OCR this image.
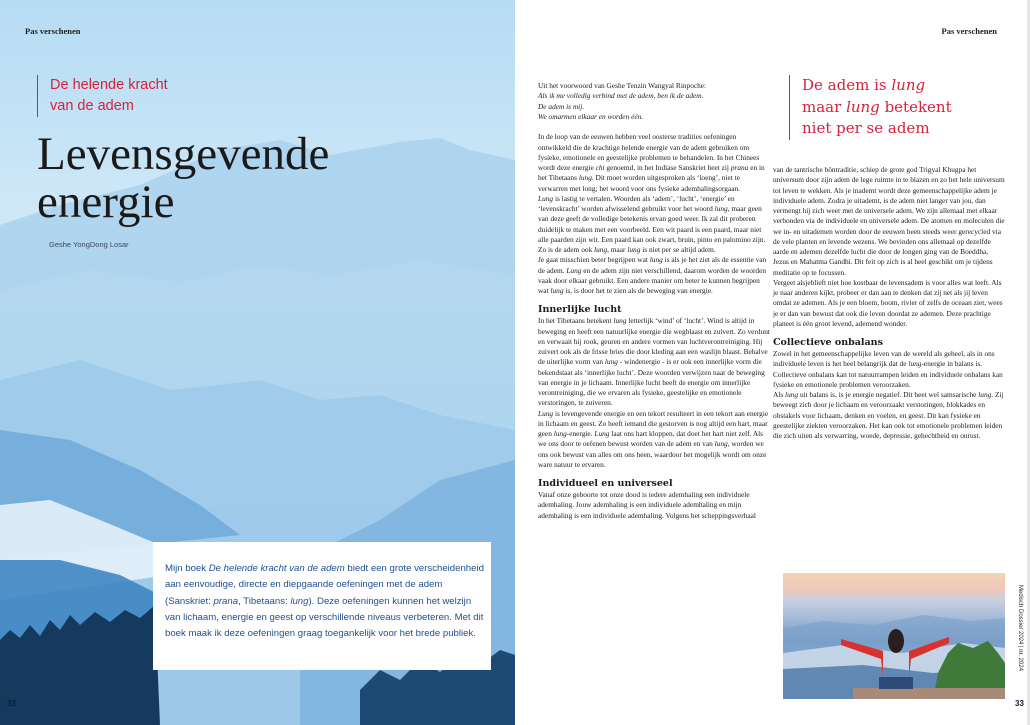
Pas verschenen
De helende kracht
van de adem
Levensgevende
energie
Geshe YongDong Losar

Mijn boek De helende kracht van de adem biedt een grote verscheidenheid aan eenvoudige, directe en diepgaande oefeningen met de adem (Sanskriet: prana, Tibetaans: lung). Deze oefeningen kunnen het welzijn van lichaam, energie en geest op verschillende niveaus verbeteren. Met dit boek maak ik deze oefeningen graag toegankelijk voor het brede publiek.

32
Pas verschenen
De adem is lung
maar lung betekent
niet per se adem

Uit het voorwoord van Geshe Tenzin Wangyal Rinpoche:

Als ik me volledig verbind met de adem, ben ik de adem.

De adem is mij.

We omarmen elkaar en worden één.

In de loop van de eeuwen hebben veel oosterse tradities oefeningen ontwikkeld die de krachtige helende energie van de adem gebruiken om fysieke, emotionele en geestelijke problemen te behandelen. In het Chinees wordt deze energie chi genoemd, in het Indiase Sanskriet heet zij prana en in het Tibetaans lung. Dit moet worden uitgesproken als ‘loeng’, niet te verwarren met long; het woord voor ons fysieke ademhalingsorgaan.

Lung is lastig te vertalen. Woorden als ‘adem’, ‘lucht’, ‘energie’ en ‘levenskracht’ worden afwisselend gebruikt voor het woord lung, maar geen van deze geeft de volledige betekenis ervan goed weer. Ik zal dit proberen duidelijk te maken met een voorbeeld. Een wit paard is een paard, maar niet alle paarden zijn wit. Een paard kan ook zwart, bruin, pinto en palomino zijn. Zo is de adem ook lung, maar lung is niet per se altijd adem.

Je gaat misschien beter begrijpen wat lung is als je het ziet als de essentie van de adem. Lung en de adem zijn niet verschillend, daarom worden de woorden vaak door elkaar gebruikt. Een andere manier om beter te kunnen begrijpen wat lung is, is door het te zien als de beweging van energie.

Innerlijke lucht

In het Tibetaans betekent lung letterlijk ‘wind’ of ‘lucht’. Wind is altijd in beweging en heeft een natuurlijke energie die wegblaast en zuivert. Zo verdunt en verwaait hij rook, geuren en andere vormen van luchtverontreiniging. Hij zuivert ook als de frisse bries die door kleding aan een waslijn blaast. Behalve de uiterlijke vorm van lung - windenergie - is er ook een innerlijke vorm die bekendstaat als ‘innerlijke lucht’. Deze woorden verwijzen naar de beweging van energie in je lichaam. Innerlijke lucht heeft de energie om innerlijke verontreiniging, die we ervaren als fysieke, geestelijke en emotionele verstoringen, te zuiveren.

Lung is levengevende energie en een tekort resulteert in een tekort aan energie in lichaam en geest. Zo heeft iemand die gestorven is nog altijd een hart, maar geen lung-energie. Lung laat ons hart kloppen, dat doet het hart niet zelf. Als we ons door te oefenen bewust worden van de adem en van lung, worden we ons ook bewust van alles om ons heen, waardoor het mogelijk wordt om onze ware natuur te ervaren.

Individueel en universeel

Vanaf onze geboorte tot onze dood is iedere ademhaling een individuele ademhaling. Jouw ademhaling is een individuele ademhaling en mijn ademhaling is een individuele ademhaling. Volgens het scheppingsverhaal

van de tantrische böntraditie, schiep de grote god Trigyal Khugpa het universum door zijn adem de lege ruimte in te blazen en zo het hele universum tot leven te wekken. Als je inademt wordt deze gemeenschappelijke adem je individuele adem. Zodra je uitademt, is de adem niet langer van jou, dan vermengt hij zich weer met de universele adem. We zijn allemaal met elkaar verbonden via de individuele en universele adem. De atomen en moleculen die we in- en uitademen worden door de eeuwen heen steeds weer gerecycled via de vele planten en levende wezens. We bevinden ons allemaal op dezelfde aarde en ademen dezelfde lucht die door de longen ging van de Boeddha, Jezus en Mahatma Gandhi. Dit feit op zich is al heel geschikt om je tijdens meditatie op te focussen.

Vergeet alsjeblieft niet hoe kostbaar de levensadem is voor alles wat leeft. Als je naar anderen kijkt, probeer er dan aan te denken dat zij net als jij leven omdat ze ademen. Als je een bloem, boom, rivier of zelfs de oceaan ziet, wees je er dan van bewust dat ook die leven doordat ze ademen. Deze prachtige planeet is één groot levend, ademend wonder.

Collectieve onbalans

Zowel in het gemeenschappelijke leven van de wereld als geheel, als in ons individuele leven is het heel belangrijk dat de lung-energie in balans is. Collectieve onbalans kan tot natuurrampen leiden en individuele onbalans kan fysieke en emotionele problemen veroorzaken.

Als lung uit balans is, is je energie negatief. Dit heet wel samsarische lung. Zij beweegt zich door je lichaam en veroorzaakt verstoringen, blokkades en obstakels voor lichaam, denken en voelen, en geest. Dit kan fysieke en geestelijke ziekten veroorzaken. Het kan ook tot emotionele problemen leiden die zich uiten als verwarring, woede, depressie, gehechtheid en onrust.

Medisch Dossier 2024 | nr. 2024
33
